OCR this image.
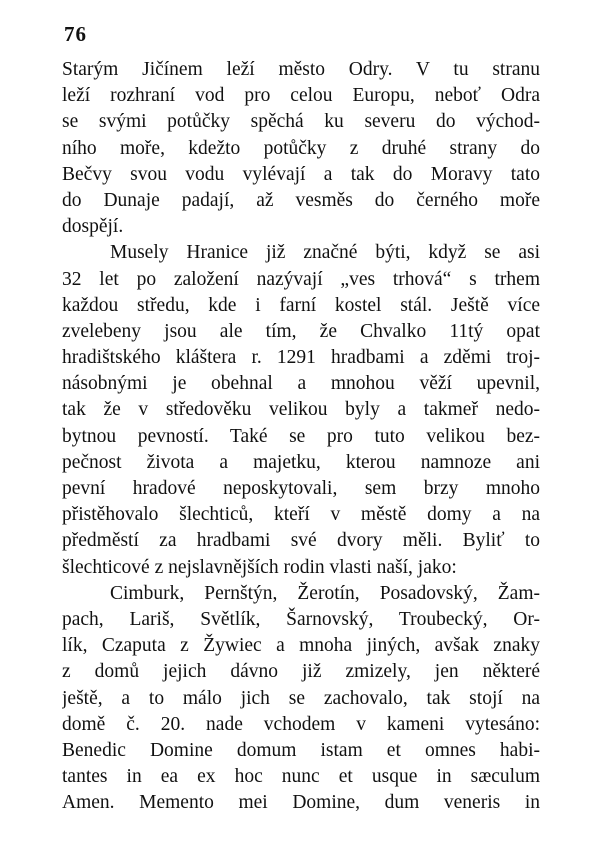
76
Starým Jičínem leží město Odry. V tu stranu
leží rozhraní vod pro celou Europu, neboť Odra
se svými potůčky spěchá ku severu do východ-
ního moře, kdežto potůčky z druhé strany do
Bečvy svou vodu vylévají a tak do Moravy tato
do Dunaje padají, až vesměs do černého moře
dospějí.
Musely Hranice již značné býti, když se asi
32 let po založení nazývají „ves trhová“ s trhem
každou středu, kde i farní kostel stál. Ještě více
zvelebeny jsou ale tím, že Chvalko 11tý opat
hradištského kláštera r. 1291 hradbami a zděmi troj-
násobnými je obehnal a mnohou věží upevnil,
tak že v středověku velikou byly a takmeř nedo-
bytnou pevností. Také se pro tuto velikou bez-
pečnost života a majetku, kterou namnoze ani
pevní hradové neposkytovali, sem brzy mnoho
přistěhovalo šlechticů, kteří v městě domy a na
předměstí za hradbami své dvory měli. Byliť to
šlechticové z nejslavnějších rodin vlasti naší, jako:
Cimburk, Pernštýn, Žerotín, Posadovský, Žam-
pach, Lariš, Světlík, Šarnovský, Troubecký, Or-
lík, Czaputa z Žywiec a mnoha jiných, avšak znaky
z domů jejich dávno již zmizely, jen některé
ještě, a to málo jich se zachovalo, tak stojí na
domě č. 20. nade vchodem v kameni vytesáno:
Benedic Domine domum istam et omnes habi-
tantes in ea ex hoc nunc et usque in sæculum
Amen. Memento mei Domine, dum veneris in
